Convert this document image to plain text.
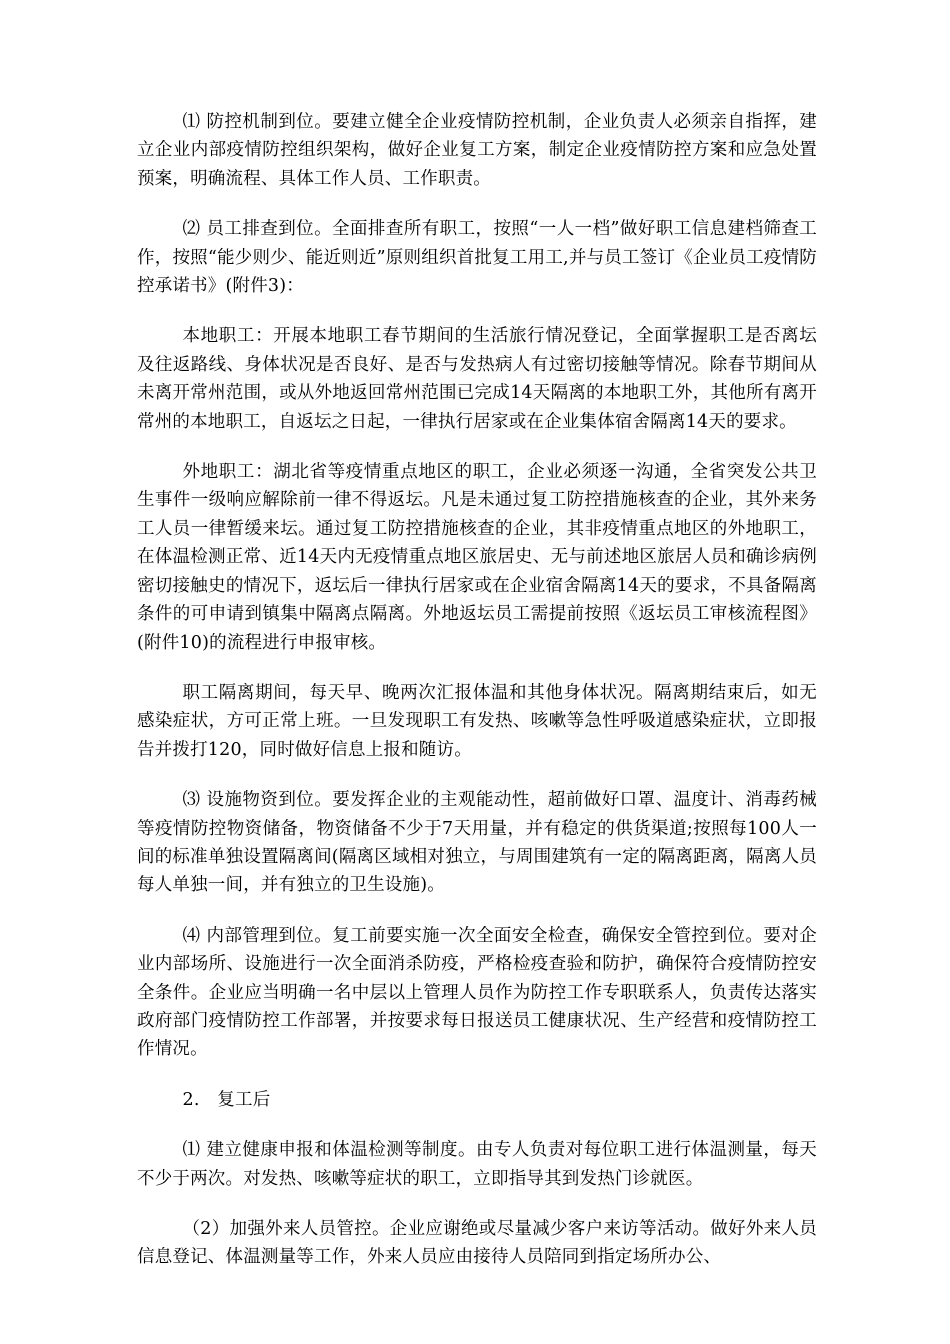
⑴ 防控机制到位。要建立健全企业疫情防控机制，企业负责人必须亲自指挥，建立企业内部疫情防控组织架构，做好企业复工方案，制定企业疫情防控方案和应急处置预案，明确流程、具体工作人员、工作职责。

⑵ 员工排查到位。全面排查所有职工，按照“一人一档”做好职工信息建档筛查工作，按照“能少则少、能近则近”原则组织首批复工用工,并与员工签订《企业员工疫情防控承诺书》(附件3)：

本地职工：开展本地职工春节期间的生活旅行情况登记，全面掌握职工是否离坛及往返路线、身体状况是否良好、是否与发热病人有过密切接触等情况。除春节期间从未离开常州范围，或从外地返回常州范围已完成14天隔离的本地职工外，其他所有离开常州的本地职工，自返坛之日起，一律执行居家或在企业集体宿舍隔离14天的要求。

外地职工：湖北省等疫情重点地区的职工，企业必须逐一沟通，全省突发公共卫生事件一级响应解除前一律不得返坛。凡是未通过复工防控措施核查的企业，其外来务工人员一律暂缓来坛。通过复工防控措施核查的企业，其非疫情重点地区的外地职工，在体温检测正常、近14天内无疫情重点地区旅居史、无与前述地区旅居人员和确诊病例密切接触史的情况下，返坛后一律执行居家或在企业宿舍隔离14天的要求，不具备隔离条件的可申请到镇集中隔离点隔离。外地返坛员工需提前按照《返坛员工审核流程图》(附件10)的流程进行申报审核。

职工隔离期间，每天早、晚两次汇报体温和其他身体状况。隔离期结束后，如无感染症状，方可正常上班。一旦发现职工有发热、咳嗽等急性呼吸道感染症状，立即报告并拨打120，同时做好信息上报和随访。

⑶ 设施物资到位。要发挥企业的主观能动性，超前做好口罩、温度计、消毒药械等疫情防控物资储备，物资储备不少于7天用量，并有稳定的供货渠道;按照每100人一间的标准单独设置隔离间(隔离区域相对独立，与周围建筑有一定的隔离距离，隔离人员每人单独一间，并有独立的卫生设施)。

⑷ 内部管理到位。复工前要实施一次全面安全检查，确保安全管控到位。要对企业内部场所、设施进行一次全面消杀防疫，严格检疫查验和防护，确保符合疫情防控安全条件。企业应当明确一名中层以上管理人员作为防控工作专职联系人，负责传达落实政府部门疫情防控工作部署，并按要求每日报送员工健康状况、生产经营和疫情防控工作情况。

2.　复工后

⑴ 建立健康申报和体温检测等制度。由专人负责对每位职工进行体温测量，每天不少于两次。对发热、咳嗽等症状的职工，立即指导其到发热门诊就医。

（2）加强外来人员管控。企业应谢绝或尽量减少客户来访等活动。做好外来人员信息登记、体温测量等工作，外来人员应由接待人员陪同到指定场所办公、
